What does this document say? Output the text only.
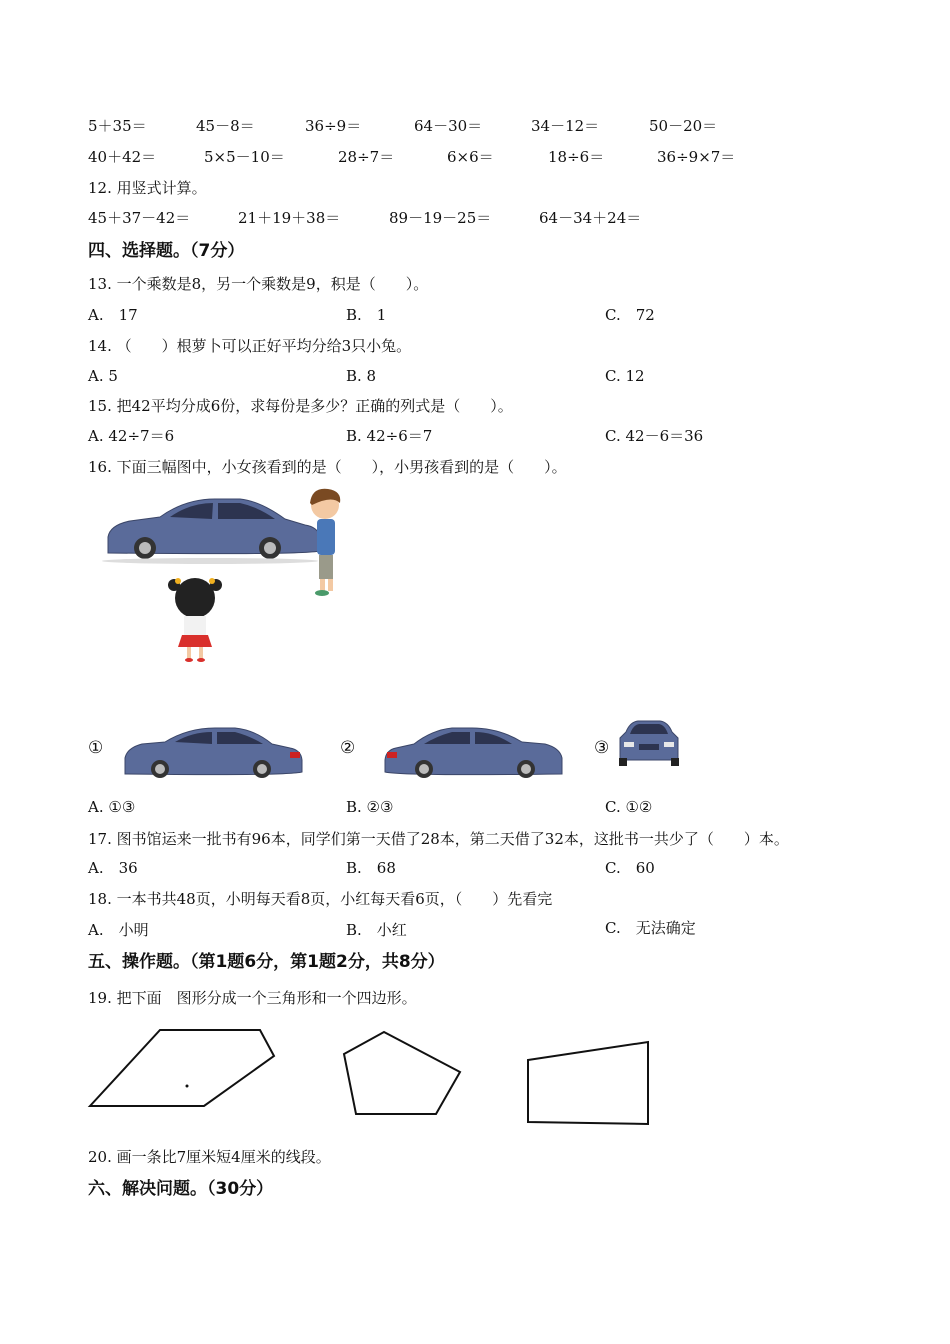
5＋35＝	45－8＝	36÷9＝	64－30＝	34－12＝	50－20＝
40＋42＝	5×5－10＝	28÷7＝	6×6＝	18÷6＝	36÷9×7＝
12. 用竖式计算。
45＋37－42＝	21＋19＋38＝	89－19－25＝	64－34＋24＝
四、选择题。（7分）
13. 一个乘数是8，另一个乘数是9，积是（　　）。
A.　17	B.　1	C.　72
14. （　　）根萝卜可以正好平均分给3只小兔。
A. 5	B. 8	C. 12
15. 把42平均分成6份，求每份是多少？正确的列式是（　　）。
A. 42÷7＝6	B. 42÷6＝7	C. 42－6＝36
16. 下面三幅图中，小女孩看到的是（　　），小男孩看到的是（　　）。
①	②	③
A. ①③	B. ②③	C. ①②
17. 图书馆运来一批书有96本，同学们第一天借了28本，第二天借了32本，这批书一共少了（　　）本。
A.　36	B.　68	C.　60
18. 一本书共48页，小明每天看8页，小红每天看6页，（　　）先看完
A.　小明	B.　小红	C.　无法确定
五、操作题。（第1题6分，第1题2分，共8分）
19. 把下面　图形分成一个三角形和一个四边形。
20. 画一条比7厘米短4厘米的线段。
六、解决问题。（30分）
